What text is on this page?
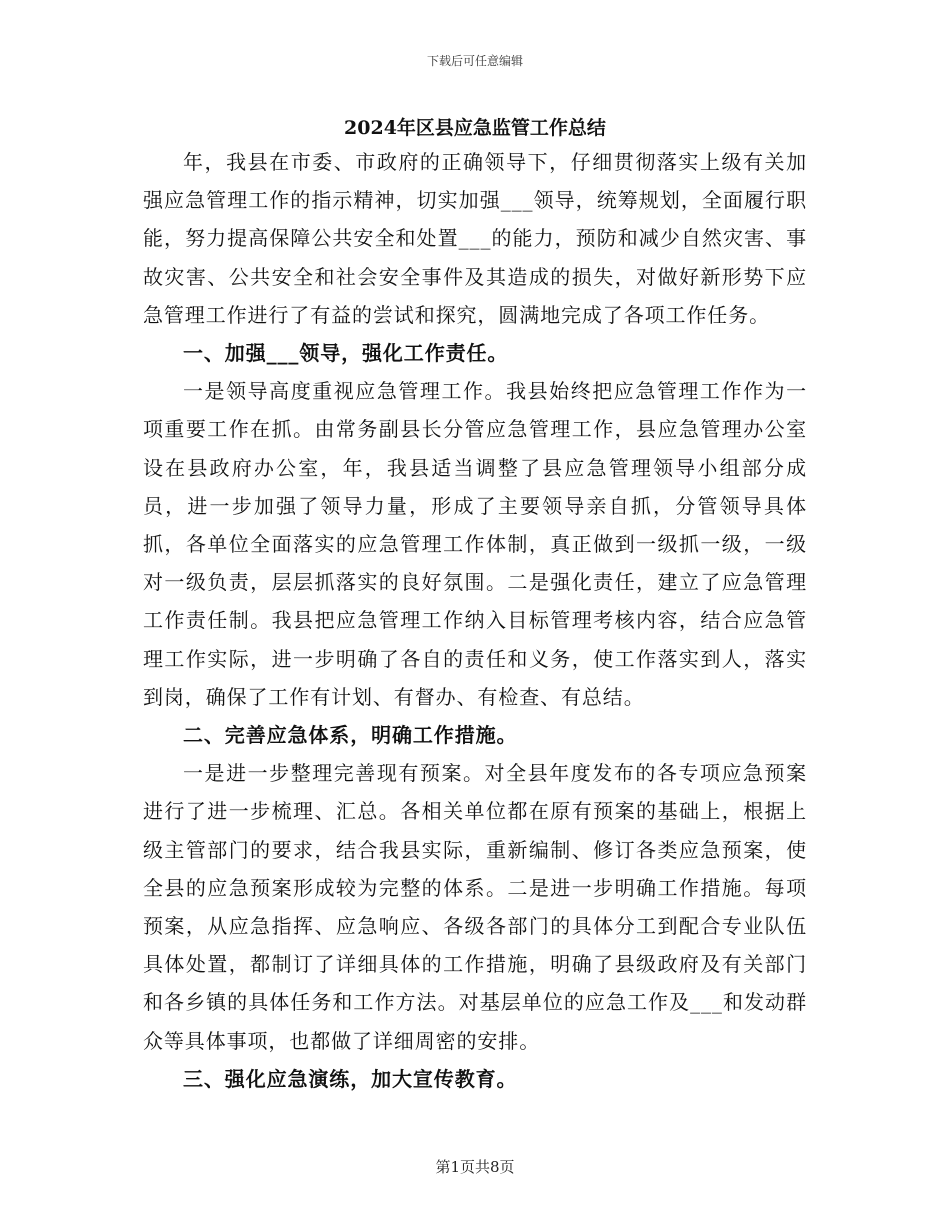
下载后可任意编辑
2024年区县应急监管工作总结

年，我县在市委、市政府的正确领导下，仔细贯彻落实上级有关加强应急管理工作的指示精神，切实加强___领导，统筹规划，全面履行职能，努力提高保障公共安全和处置___的能力，预防和减少自然灾害、事故灾害、公共安全和社会安全事件及其造成的损失，对做好新形势下应急管理工作进行了有益的尝试和探究，圆满地完成了各项工作任务。

一、加强___领导，强化工作责任。

一是领导高度重视应急管理工作。我县始终把应急管理工作作为一项重要工作在抓。由常务副县长分管应急管理工作，县应急管理办公室设在县政府办公室，年，我县适当调整了县应急管理领导小组部分成员，进一步加强了领导力量，形成了主要领导亲自抓，分管领导具体抓，各单位全面落实的应急管理工作体制，真正做到一级抓一级，一级对一级负责，层层抓落实的良好氛围。二是强化责任，建立了应急管理工作责任制。我县把应急管理工作纳入目标管理考核内容，结合应急管理工作实际，进一步明确了各自的责任和义务，使工作落实到人，落实到岗，确保了工作有计划、有督办、有检查、有总结。

二、完善应急体系，明确工作措施。

一是进一步整理完善现有预案。对全县年度发布的各专项应急预案进行了进一步梳理、汇总。各相关单位都在原有预案的基础上，根据上级主管部门的要求，结合我县实际，重新编制、修订各类应急预案，使全县的应急预案形成较为完整的体系。二是进一步明确工作措施。每项预案，从应急指挥、应急响应、各级各部门的具体分工到配合专业队伍具体处置，都制订了详细具体的工作措施，明确了县级政府及有关部门和各乡镇的具体任务和工作方法。对基层单位的应急工作及___和发动群众等具体事项，也都做了详细周密的安排。

三、强化应急演练，加大宣传教育。

第1页共8页
